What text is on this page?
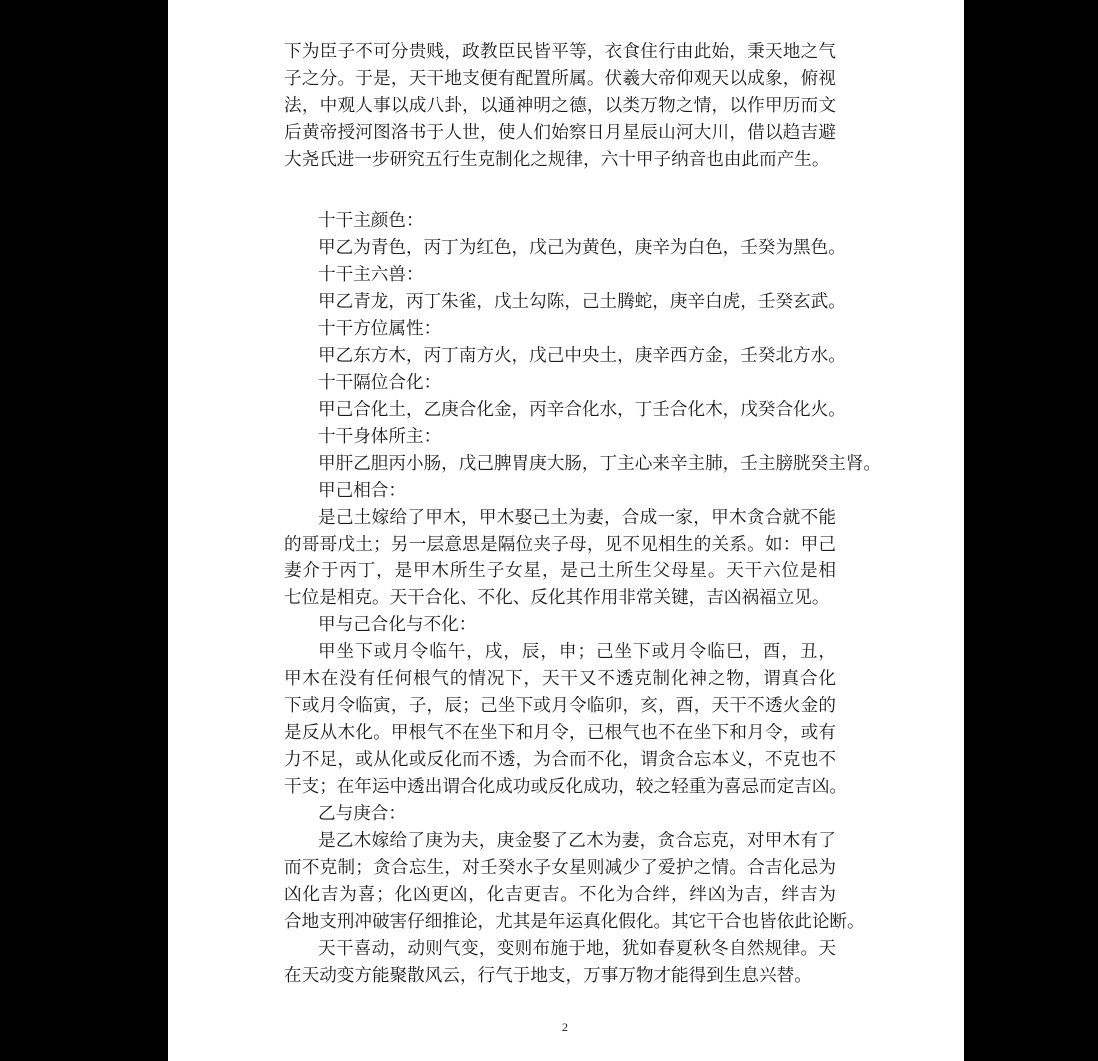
下为臣子不可分贵贱，政教臣民皆平等，衣食住行由此始，秉天地之气
子之分。于是，天干地支便有配置所属。伏羲大帝仰观天以成象，俯视
法，中观人事以成八卦，以通神明之德，以类万物之情，以作甲历而文
后黄帝授河图洛书于人世，使人们始察日月星辰山河大川，借以趋吉避
大尧氏进一步研究五行生克制化之规律，六十甲子纳音也由此而产生。
十干主颜色：
甲乙为青色，丙丁为红色，戊己为黄色，庚辛为白色，壬癸为黑色。
十干主六兽：
甲乙青龙，丙丁朱雀，戊土勾陈，己土腾蛇，庚辛白虎，壬癸玄武。
十干方位属性：
甲乙东方木，丙丁南方火，戊己中央土，庚辛西方金，壬癸北方水。
十干隔位合化：
甲己合化土，乙庚合化金，丙辛合化水，丁壬合化木，戊癸合化火。
十干身体所主：
甲肝乙胆丙小肠，戊己脾胃庚大肠，丁主心来辛主肺，壬主膀胱癸主肾。
甲己相合：
是己土嫁给了甲木，甲木娶己土为妻，合成一家，甲木贪合就不能
的哥哥戊土；另一层意思是隔位夹子母，见不见相生的关系。如：甲己
妻介于丙丁，是甲木所生子女星，是己土所生父母星。天干六位是相
七位是相克。天干合化、不化、反化其作用非常关键，吉凶祸福立见。
甲与己合化与不化：
甲坐下或月令临午，戌，辰，申；己坐下或月令临巳，酉，丑，
甲木在没有任何根气的情况下，天干又不透克制化神之物，谓真合化
下或月令临寅，子，辰；己坐下或月令临卯，亥，酉，天干不透火金的
是反从木化。甲根气不在坐下和月令，已根气也不在坐下和月令，或有
力不足，或从化或反化而不透，为合而不化，谓贪合忘本义，不克也不
干支；在年运中透出谓合化成功或反化成功，较之轻重为喜忌而定吉凶。
乙与庚合：
是乙木嫁给了庚为夫，庚金娶了乙木为妻，贪合忘克，对甲木有了
而不克制；贪合忘生，对壬癸水子女星则减少了爱护之情。合吉化忌为
凶化吉为喜；化凶更凶，化吉更吉。不化为合绊，绊凶为吉，绊吉为
合地支刑冲破害仔细推论，尤其是年运真化假化。其它干合也皆依此论断。
天干喜动，动则气变，变则布施于地，犹如春夏秋冬自然规律。天
在天动变方能聚散风云，行气于地支，万事万物才能得到生息兴替。
2
